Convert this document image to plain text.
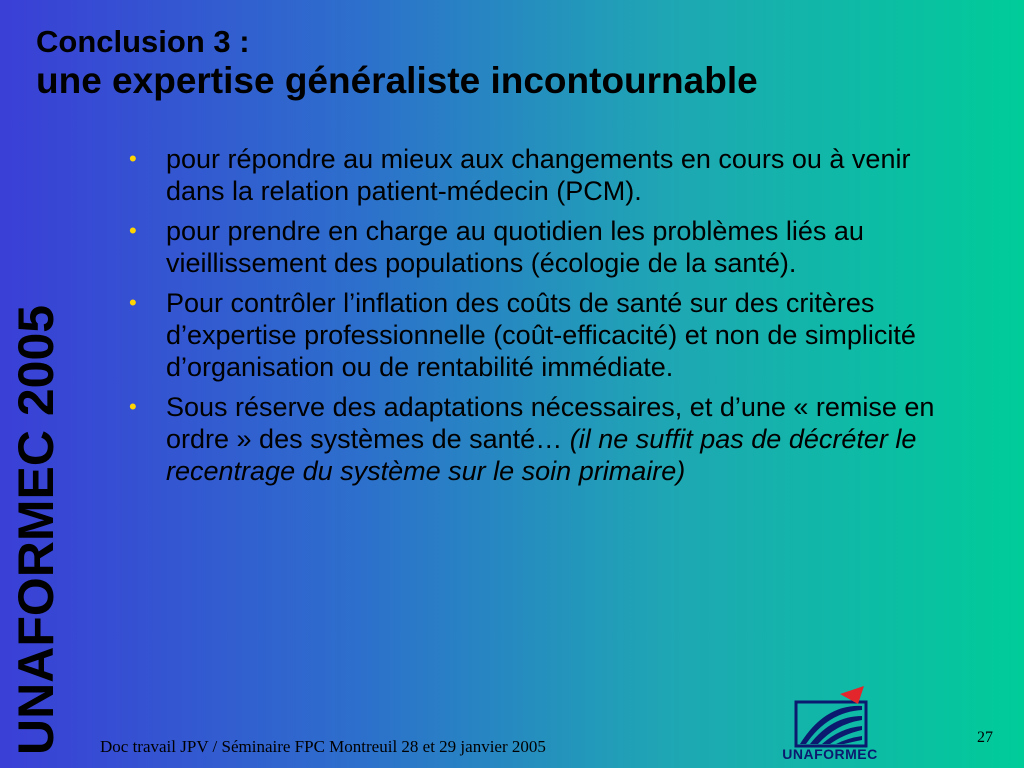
Conclusion 3 :
une expertise généraliste incontournable
UNAFORMEC 2005
• pour répondre au mieux aux changements en cours ou à venir dans la relation patient-médecin (PCM).
• pour prendre en charge au quotidien les problèmes liés au vieillissement des populations (écologie de la santé).
• Pour contrôler l’inflation des coûts de santé sur des critères d’expertise professionnelle (coût-efficacité) et non de simplicité d’organisation ou de rentabilité immédiate.
• Sous réserve des adaptations nécessaires, et d’une « remise en ordre » des systèmes de santé… (il ne suffit pas de décréter le recentrage du système sur le soin primaire)
Doc travail JPV / Séminaire FPC Montreuil 28 et 29 janvier 2005	27
UNAFORMEC
